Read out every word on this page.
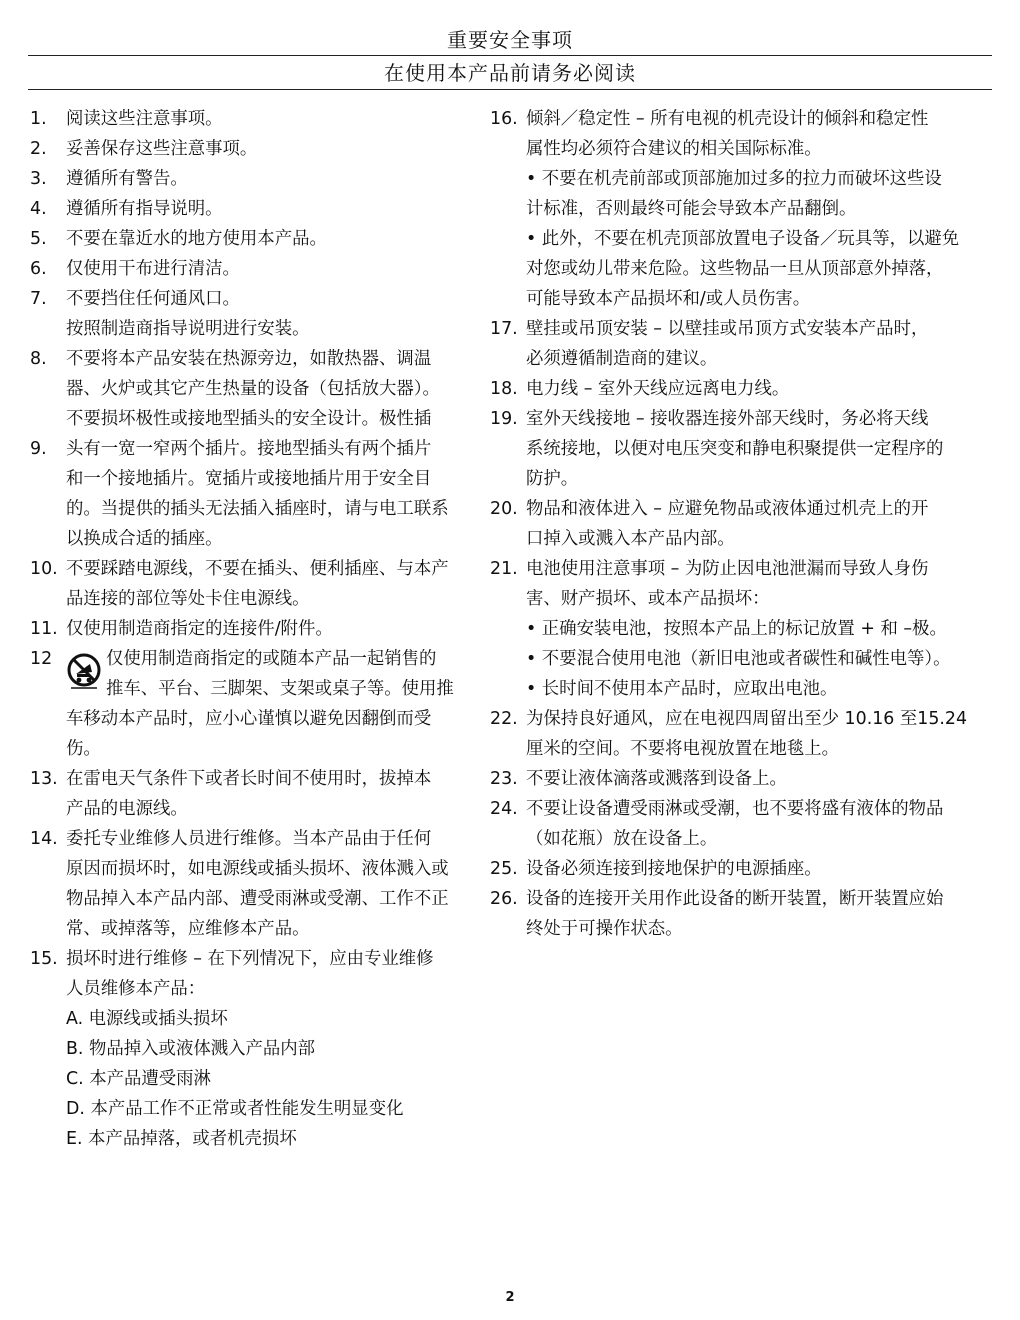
重要安全事项
在使用本产品前请务必阅读
1.	阅读这些注意事项。
2.	妥善保存这些注意事项。
3.	遵循所有警告。
4.	遵循所有指导说明。
5.	不要在靠近水的地方使用本产品。
6.	仅使用干布进行清洁。
7.	不要挡住任何通风口。
按照制造商指导说明进行安装。
8.	不要将本产品安装在热源旁边，如散热器、调温
器、火炉或其它产生热量的设备（包括放大器）。
不要损坏极性或接地型插头的安全设计。极性插
9.	头有一宽一窄两个插片。接地型插头有两个插片
和一个接地插片。宽插片或接地插片用于安全目
的。当提供的插头无法插入插座时，请与电工联系
以换成合适的插座。
10. 不要踩踏电源线，不要在插头、便利插座、与本产
品连接的部位等处卡住电源线。
11. 仅使用制造商指定的连接件/附件。
12	仅使用制造商指定的或随本产品一起销售的
推车、平台、三脚架、支架或桌子等。使用推
车移动本产品时，应小心谨慎以避免因翻倒而受
伤。
13. 在雷电天气条件下或者长时间不使用时，拔掉本
产品的电源线。
14. 委托专业维修人员进行维修。当本产品由于任何
原因而损坏时，如电源线或插头损坏、液体溅入或
物品掉入本产品内部、遭受雨淋或受潮、工作不正
常、或掉落等，应维修本产品。
15. 损坏时进行维修 – 在下列情况下，应由专业维修
人员维修本产品：
A. 电源线或插头损坏
B. 物品掉入或液体溅入产品内部
C. 本产品遭受雨淋
D. 本产品工作不正常或者性能发生明显变化
E. 本产品掉落，或者机壳损坏
16. 倾斜／稳定性 – 所有电视的机壳设计的倾斜和稳定性
属性均必须符合建议的相关国际标准。
• 不要在机壳前部或顶部施加过多的拉力而破坏这些设
计标准，否则最终可能会导致本产品翻倒。
• 此外，不要在机壳顶部放置电子设备／玩具等，以避免
对您或幼儿带来危险。这些物品一旦从顶部意外掉落，
可能导致本产品损坏和/或人员伤害。
17. 壁挂或吊顶安装 – 以壁挂或吊顶方式安装本产品时，
必须遵循制造商的建议。
18. 电力线 – 室外天线应远离电力线。
19. 室外天线接地 – 接收器连接外部天线时，务必将天线
系统接地，以便对电压突变和静电积聚提供一定程序的
防护。
20. 物品和液体进入 – 应避免物品或液体通过机壳上的开
口掉入或溅入本产品内部。
21. 电池使用注意事项 – 为防止因电池泄漏而导致人身伤
害、财产损坏、或本产品损坏：
• 正确安装电池，按照本产品上的标记放置 + 和 –极。
• 不要混合使用电池（新旧电池或者碳性和碱性电等）。
• 长时间不使用本产品时，应取出电池。
22. 为保持良好通风，应在电视四周留出至少 10.16 至15.24
厘米的空间。不要将电视放置在地毯上。
23. 不要让液体滴落或溅落到设备上。
24. 不要让设备遭受雨淋或受潮，也不要将盛有液体的物品
（如花瓶）放在设备上。
25. 设备必须连接到接地保护的电源插座。
26. 设备的连接开关用作此设备的断开装置，断开装置应始
终处于可操作状态。
2
